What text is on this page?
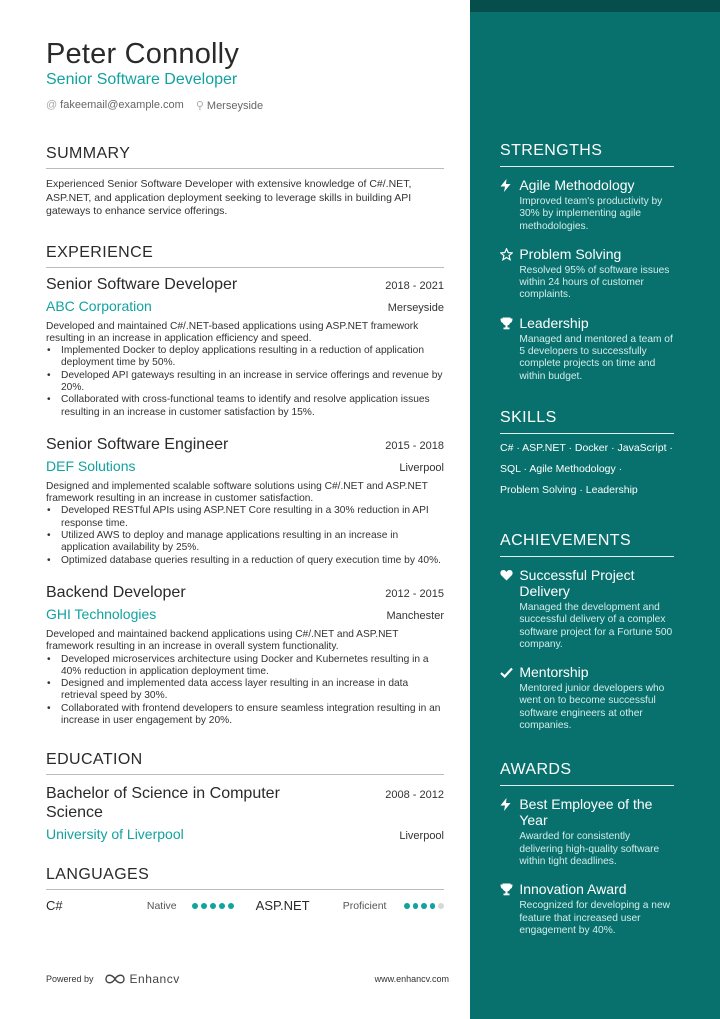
Peter Connolly
Senior Software Developer
@ fakeemail@example.com ⚲ Merseyside
SUMMARY
Experienced Senior Software Developer with extensive knowledge of C#/.NET, ASP.NET, and application deployment seeking to leverage skills in building API gateways to enhance service offerings.
EXPERIENCE
Senior Software Developer	2018 - 2021
ABC Corporation	Merseyside
Developed and maintained C#/.NET-based applications using ASP.NET framework resulting in an increase in application efficiency and speed.
• Implemented Docker to deploy applications resulting in a reduction of application deployment time by 50%.
• Developed API gateways resulting in an increase in service offerings and revenue by 20%.
• Collaborated with cross-functional teams to identify and resolve application issues resulting in an increase in customer satisfaction by 15%.
Senior Software Engineer	2015 - 2018
DEF Solutions	Liverpool
Designed and implemented scalable software solutions using C#/.NET and ASP.NET framework resulting in an increase in customer satisfaction.
• Developed RESTful APIs using ASP.NET Core resulting in a 30% reduction in API response time.
• Utilized AWS to deploy and manage applications resulting in an increase in application availability by 25%.
• Optimized database queries resulting in a reduction of query execution time by 40%.
Backend Developer	2012 - 2015
GHI Technologies	Manchester
Developed and maintained backend applications using C#/.NET and ASP.NET framework resulting in an increase in overall system functionality.
• Developed microservices architecture using Docker and Kubernetes resulting in a 40% reduction in application deployment time.
• Designed and implemented data access layer resulting in an increase in data retrieval speed by 30%.
• Collaborated with frontend developers to ensure seamless integration resulting in an increase in user engagement by 20%.
EDUCATION
Bachelor of Science in Computer Science
2008 - 2012
University of Liverpool	Liverpool
LANGUAGES
C#	Native	ASP.NET	Proficient
Powered by	Enhancv	www.enhancv.com
STRENGTHS
Agile Methodology
Improved team's productivity by 30% by implementing agile methodologies.
Problem Solving
Resolved 95% of software issues within 24 hours of customer complaints.
Leadership
Managed and mentored a team of 5 developers to successfully complete projects on time and within budget.
SKILLS
C# · ASP.NET · Docker · JavaScript ·
SQL · Agile Methodology ·
Problem Solving · Leadership
ACHIEVEMENTS
Successful Project Delivery
Managed the development and successful delivery of a complex software project for a Fortune 500 company.
Mentorship
Mentored junior developers who went on to become successful software engineers at other companies.
AWARDS
Best Employee of the Year
Awarded for consistently delivering high-quality software within tight deadlines.
Innovation Award
Recognized for developing a new feature that increased user engagement by 40%.
